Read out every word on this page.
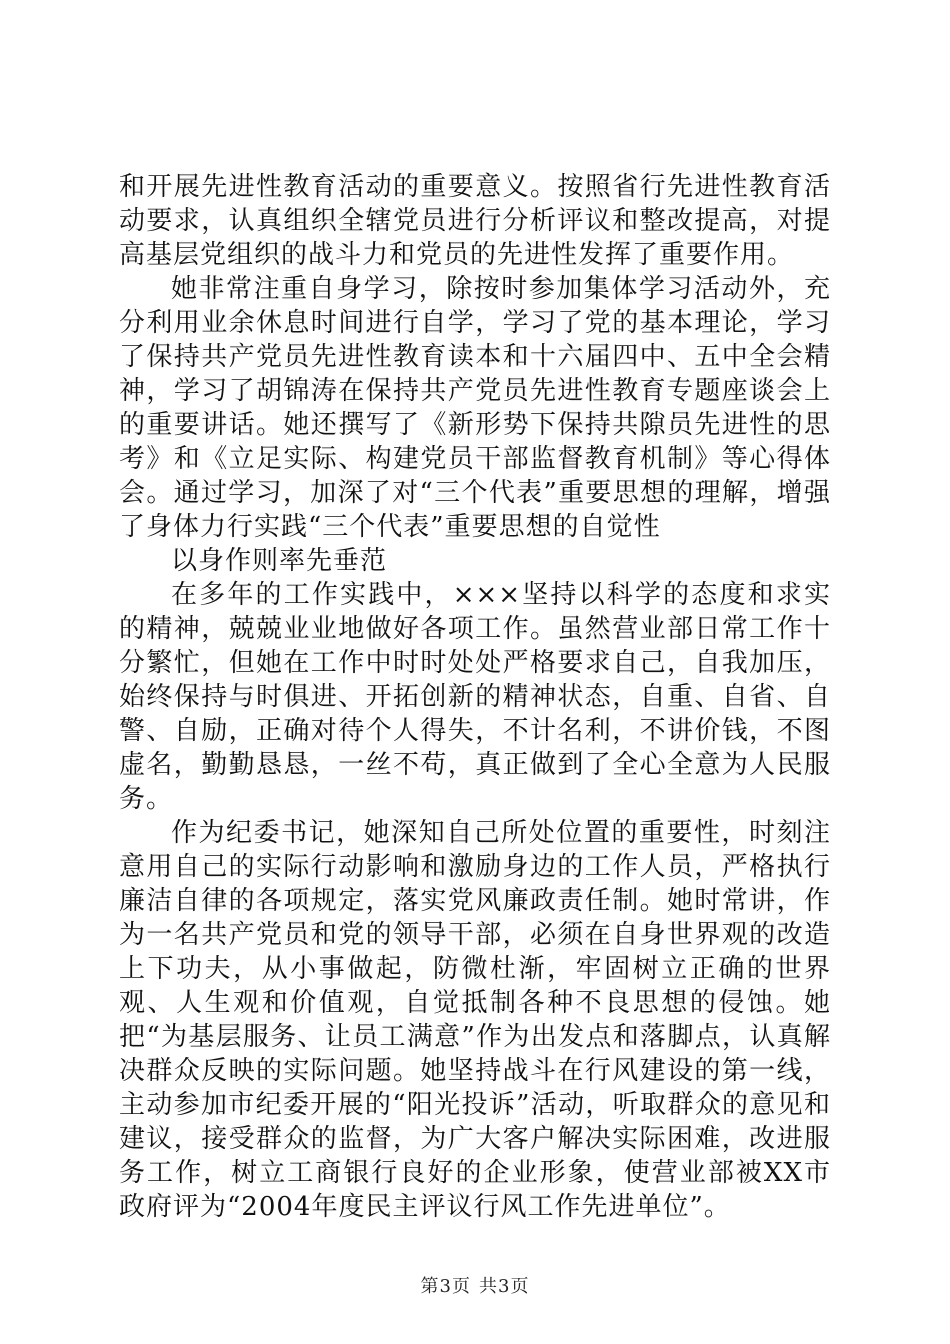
和开展先进性教育活动的重要意义。按照省行先进性教育活动要求，认真组织全辖党员进行分析评议和整改提高，对提高基层党组织的战斗力和党员的先进性发挥了重要作用。

她非常注重自身学习，除按时参加集体学习活动外，充分利用业余休息时间进行自学，学习了党的基本理论，学习了保持共产党员先进性教育读本和十六届四中、五中全会精神，学习了胡锦涛在保持共产党员先进性教育专题座谈会上的重要讲话。她还撰写了《新形势下保持共隙员先进性的思考》和《立足实际、构建党员干部监督教育机制》等心得体会。通过学习，加深了对“三个代表”重要思想的理解，增强了身体力行实践“三个代表”重要思想的自觉性

以身作则率先垂范

在多年的工作实践中，×××坚持以科学的态度和求实的精神，兢兢业业地做好各项工作。虽然营业部日常工作十分繁忙，但她在工作中时时处处严格要求自己，自我加压，始终保持与时俱进、开拓创新的精神状态，自重、自省、自警、自励，正确对待个人得失，不计名利，不讲价钱，不图虚名，勤勤恳恳，一丝不苟，真正做到了全心全意为人民服务。

作为纪委书记，她深知自己所处位置的重要性，时刻注意用自己的实际行动影响和激励身边的工作人员，严格执行廉洁自律的各项规定，落实党风廉政责任制。她时常讲，作为一名共产党员和党的领导干部，必须在自身世界观的改造上下功夫，从小事做起，防微杜渐，牢固树立正确的世界观、人生观和价值观，自觉抵制各种不良思想的侵蚀。她把“为基层服务、让员工满意”作为出发点和落脚点，认真解决群众反映的实际问题。她坚持战斗在行风建设的第一线，主动参加市纪委开展的“阳光投诉”活动，听取群众的意见和建议，接受群众的监督，为广大客户解决实际困难，改进服务工作，树立工商银行良好的企业形象，使营业部被XX市政府评为“2004年度民主评议行风工作先进单位”。

第3页 共3页
